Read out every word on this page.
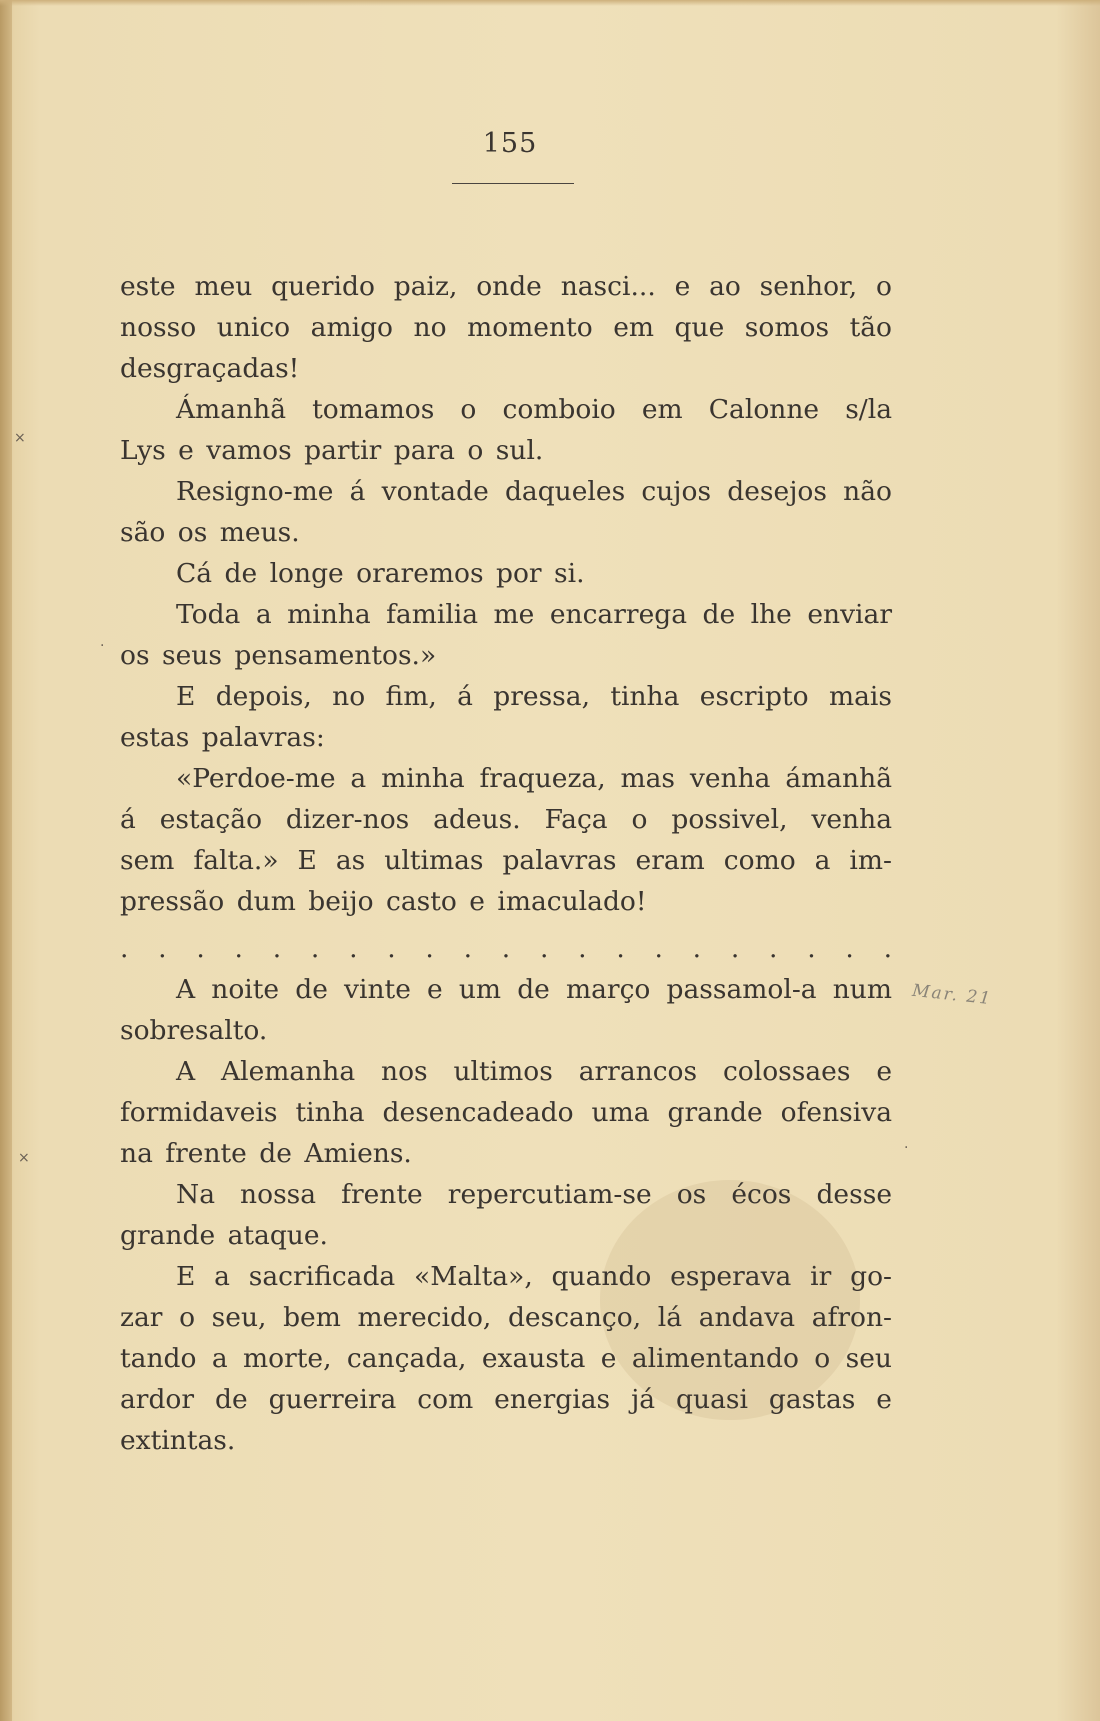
155
este meu querido paiz, onde nasci... e ao senhor, o
nosso unico amigo no momento em que somos tão
desgraçadas!
Ámanhã tomamos o comboio em Calonne s/la
Lys e vamos partir para o sul.
Resigno-me á vontade daqueles cujos desejos não
são os meus.
Cá de longe oraremos por si.
Toda a minha familia me encarrega de lhe enviar
os seus pensamentos.»
E depois, no fim, á pressa, tinha escripto mais
estas palavras:
«Perdoe-me a minha fraqueza, mas venha ámanhã
á estação dizer-nos adeus. Faça o possivel, venha
sem falta.» E as ultimas palavras eram como a im-
pressão dum beijo casto e imaculado!
. . . . . . . . . . . . . . . . . . . . .
A noite de vinte e um de março passamol-a num
sobresalto.
A Alemanha nos ultimos arrancos colossaes e
formidaveis tinha desencadeado uma grande ofensiva
na frente de Amiens.
Na nossa frente repercutiam-se os écos desse
grande ataque.
E a sacrificada «Malta», quando esperava ir go-
zar o seu, bem merecido, descanço, lá andava afron-
tando a morte, cançada, exausta e alimentando o seu
ardor de guerreira com energias já quasi gastas e
extintas.
×
×
·
·
Mar. 21
